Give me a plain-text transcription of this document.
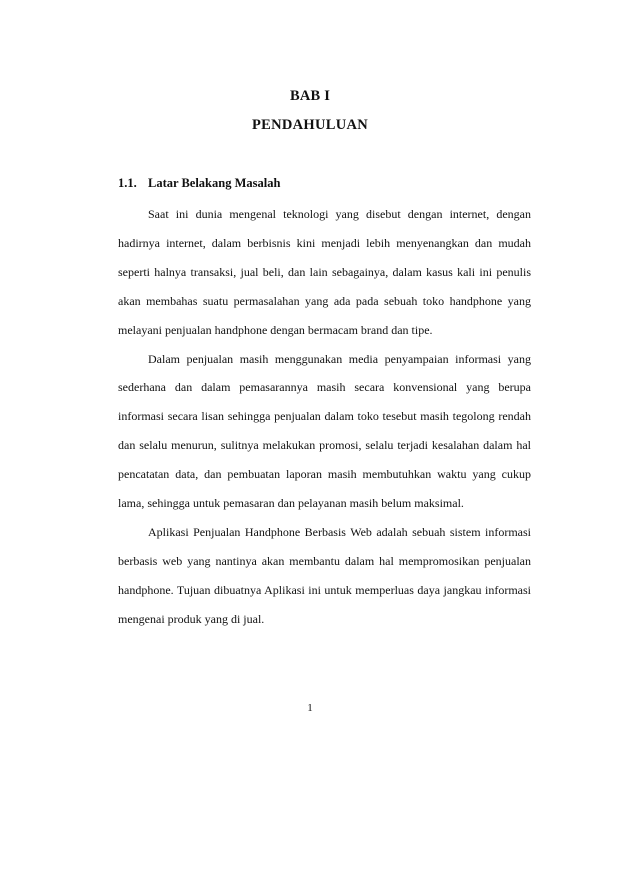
BAB I
PENDAHULUAN
1.1. Latar Belakang Masalah

Saat ini dunia mengenal teknologi yang disebut dengan internet, dengan hadirnya internet, dalam berbisnis kini menjadi lebih menyenangkan dan mudah seperti halnya transaksi, jual beli, dan lain sebagainya, dalam kasus kali ini penulis akan membahas suatu permasalahan yang ada pada sebuah toko handphone yang melayani penjualan handphone dengan bermacam brand dan tipe.

Dalam penjualan masih menggunakan media penyampaian informasi yang sederhana dan dalam pemasarannya masih secara konvensional yang berupa informasi secara lisan sehingga penjualan dalam toko tesebut masih tegolong rendah dan selalu menurun, sulitnya melakukan promosi, selalu terjadi kesalahan dalam hal pencatatan data, dan pembuatan laporan masih membutuhkan waktu yang cukup lama, sehingga untuk pemasaran dan pelayanan masih belum maksimal.

Aplikasi Penjualan Handphone Berbasis Web adalah sebuah sistem informasi berbasis web yang nantinya akan membantu dalam hal mempromosikan penjualan handphone. Tujuan dibuatnya Aplikasi ini untuk memperluas daya jangkau informasi mengenai produk yang di jual.

1
